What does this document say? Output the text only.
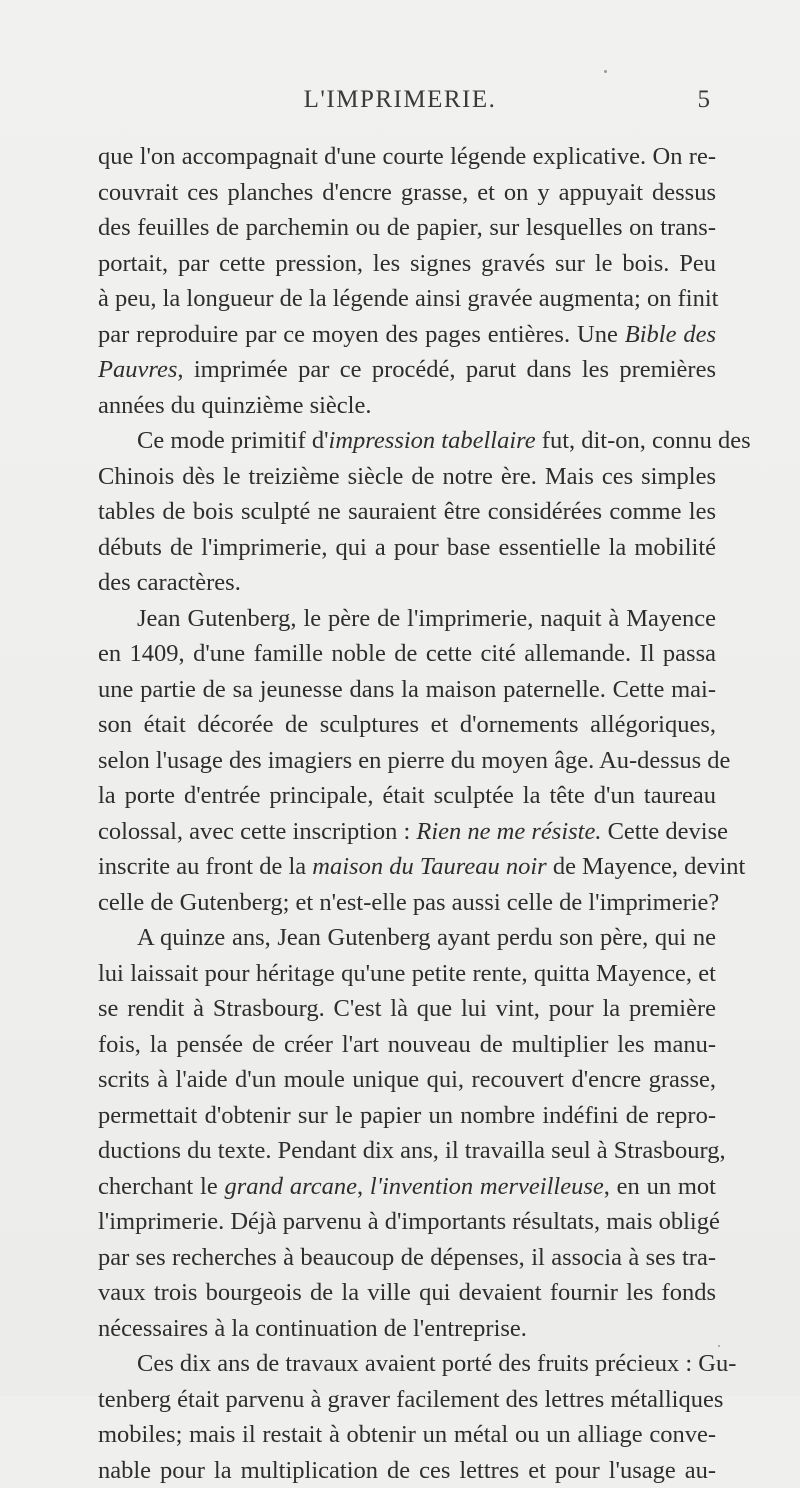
L'IMPRIMERIE.	5
que l'on accompagnait d'une courte légende explicative. On re-
couvrait ces planches d'encre grasse, et on y appuyait dessus
des feuilles de parchemin ou de papier, sur lesquelles on trans-
portait, par cette pression, les signes gravés sur le bois. Peu
à peu, la longueur de la légende ainsi gravée augmenta; on finit
par reproduire par ce moyen des pages entières. Une Bible des
Pauvres, imprimée par ce procédé, parut dans les premières
années du quinzième siècle.
Ce mode primitif d'impression tabellaire fut, dit-on, connu des
Chinois dès le treizième siècle de notre ère. Mais ces simples
tables de bois sculpté ne sauraient être considérées comme les
débuts de l'imprimerie, qui a pour base essentielle la mobilité
des caractères.
Jean Gutenberg, le père de l'imprimerie, naquit à Mayence
en 1409, d'une famille noble de cette cité allemande. Il passa
une partie de sa jeunesse dans la maison paternelle. Cette mai-
son était décorée de sculptures et d'ornements allégoriques,
selon l'usage des imagiers en pierre du moyen âge. Au-dessus de
la porte d'entrée principale, était sculptée la tête d'un taureau
colossal, avec cette inscription : Rien ne me résiste. Cette devise
inscrite au front de la maison du Taureau noir de Mayence, devint
celle de Gutenberg; et n'est-elle pas aussi celle de l'imprimerie?
A quinze ans, Jean Gutenberg ayant perdu son père, qui ne
lui laissait pour héritage qu'une petite rente, quitta Mayence, et
se rendit à Strasbourg. C'est là que lui vint, pour la première
fois, la pensée de créer l'art nouveau de multiplier les manu-
scrits à l'aide d'un moule unique qui, recouvert d'encre grasse,
permettait d'obtenir sur le papier un nombre indéfini de repro-
ductions du texte. Pendant dix ans, il travailla seul à Strasbourg,
cherchant le grand arcane, l'invention merveilleuse, en un mot
l'imprimerie. Déjà parvenu à d'importants résultats, mais obligé
par ses recherches à beaucoup de dépenses, il associa à ses tra-
vaux trois bourgeois de la ville qui devaient fournir les fonds
nécessaires à la continuation de l'entreprise.
Ces dix ans de travaux avaient porté des fruits précieux : Gu-
tenberg était parvenu à graver facilement des lettres métalliques
mobiles; mais il restait à obtenir un métal ou un alliage conve-
nable pour la multiplication de ces lettres et pour l'usage au-
